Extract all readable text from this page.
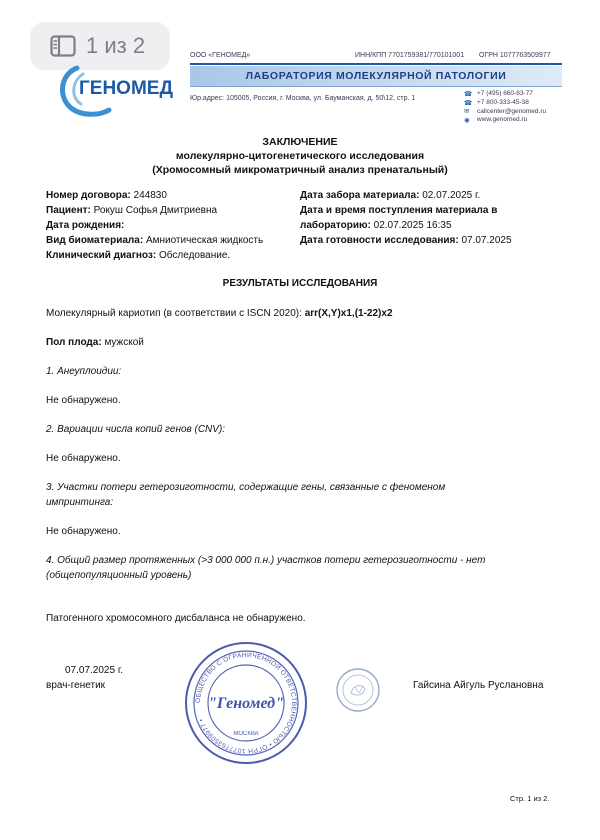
1 из 2
ГЕНОМЕД
ООО «ГЕНОМЕД»	ИНН/КПП 7701759381/770101001 ОГРН 1077763509977
ЛАБОРАТОРИЯ МОЛЕКУЛЯРНОЙ ПАТОЛОГИИ
Юр.адрес: 105005, Россия, г. Москва, ул. Бауманская, д. 50\12, стр. 1
☎ +7 (495) 660-83-77
☎ +7 800-333-45-38
✉	callcenter@genomed.ru
◉	www.genomed.ru
ЗАКЛЮЧЕНИЕ
молекулярно-цитогенетического исследования
(Хромосомный микроматричный анализ пренатальный)
Номер договора: 244830
Пациент: Рокуш Софья Дмитриевна
Дата рождения:
Вид биоматериала: Амниотическая жидкость
Клинический диагноз: Обследование.
Дата забора материала: 02.07.2025 г.
Дата и время поступления материала в
лабораторию: 02.07.2025 16:35
Дата готовности исследования: 07.07.2025
РЕЗУЛЬТАТЫ ИССЛЕДОВАНИЯ
Молекулярный кариотип (в соответствии с ISCN 2020): arr(X,Y)x1,(1-22)x2
Пол плода: мужской
1. Анеуплоидии:
Не обнаружено.
2. Вариации числа копий генов (CNV):
Не обнаружено.
3. Участки потери гетерозиготности, содержащие гены, связанные с феноменом
импринтинга:
Не обнаружено.
4. Общий размер протяженных (>3 000 000 п.н.) участков потери гетерозиготности - нет
(общепопуляционный уровень)
Патогенного хромосомного дисбаланса не обнаружено.
07.07.2025 г.
врач-генетик	Гайсина Айгуль Руслановна
ОБЩЕСТВО С ОГРАНИЧЕННОЙ ОТВЕТСТВЕННОСТЬЮ • ОГРН 1077763509977 •
"Геномед"
МОСКВА
Стр. 1 из 2.
